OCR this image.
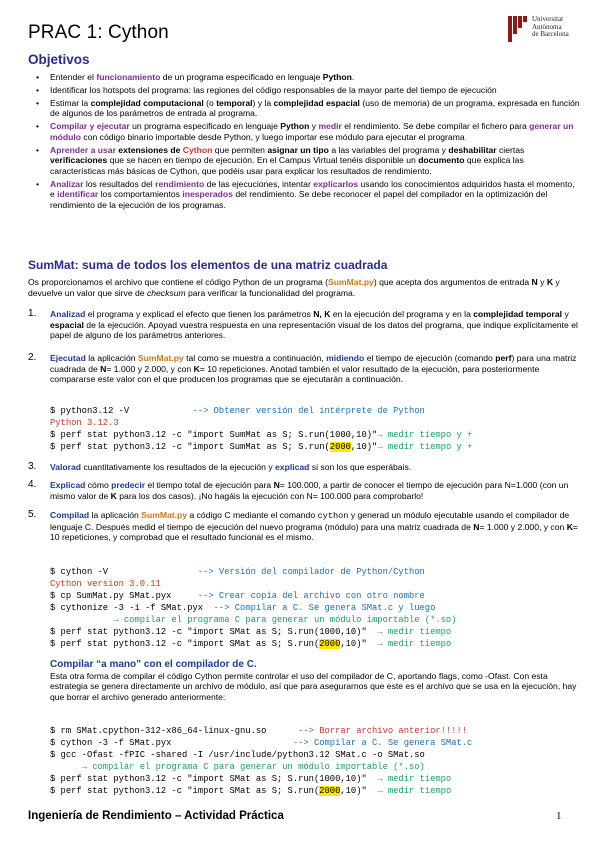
PRAC 1: Cython
Universitat
Autònoma
de Barcelona
Objetivos
• Entender el funcionamiento de un programa especificado en lenguaje Python.
• Identificar los hotspots del programa: las regiones del código responsables de la mayor parte del tiempo de ejecución
• Estimar la complejidad computacional (o temporal) y la complejidad espacial (uso de memoria) de un programa, expresada en función de algunos de los parámetros de entrada al programa.
• Compilar y ejecutar un programa especificado en lenguaje Python y medir el rendimiento. Se debe compilar el fichero para generar un módulo con código binario importable desde Python, y luego importar ese módulo para ejecutar el programa
• Aprender a usar extensiones de Cython que permiten asignar un tipo a las variables del programa y deshabilitar ciertas verificaciones que se hacen en tiempo de ejecución. En el Campus Virtual tenéis disponible un documento que explica las características más básicas de Cython, que podéis usar para explicar los resultados de rendimiento.
• Analizar los resultados del rendimiento de las ejecuciones, intentar explicarlos usando los conocimientos adquiridos hasta el momento, e identificar los comportamientos inesperados del rendimiento. Se debe reconocer el papel del compilador en la optimización del rendimiento de la ejecución de los programas.
SumMat: suma de todos los elementos de una matriz cuadrada
Os proporcionamos el archivo que contiene el código Python de un programa (SumMat.py) que acepta dos argumentos de entrada N y K y devuelve un valor que sirve de checksum para verificar la funcionalidad del programa.
1. Analizad el programa y explicad el efecto que tienen los parámetros N, K en la ejecución del programa y en la complejidad temporal y espacial de la ejecución. Apoyad vuestra respuesta en una representación visual de los datos del programa, que indique explícitamente el papel de alguno de los parámetros anteriores.
2. Ejecutad la aplicación SumMat.py tal como se muestra a continuación, midiendo el tiempo de ejecución (comando perf) para una matriz cuadrada de N= 1.000 y 2.000, y con K= 10 repeticiones. Anotad también el valor resultado de la ejecución, para posteriormente compararse este valor con el que producen los programas que se ejecutarán a continuación.

$ python3.12 -V            --> Obtener versión del intérprete de Python
Python 3.12.3
$ perf stat python3.12 -c "import SumMat as S; S.run(1000,10)"→ medir tiempo y +
$ perf stat python3.12 -c "import SumMat as S; S.run(2000,10)"→ medir tiempo y +

3. Valorad cuantitativamente los resultados de la ejecución y explicad si son los que esperábais.
4. Explicad cómo predecir el tiempo total de ejecución para N= 100.000, a partir de conocer el tiempo de ejecución para N=1.000 (con un mismo valor de K para los dos casos). ¡No hagáis la ejecución con N= 100.000 para comprobarlo!
5. Compilad la aplicación SumMat.py a código C mediante el comando cython y generad un módulo ejecutable usando el compilador de lenguaje C. Después medid el tiempo de ejecución del nuevo programa (módulo) para una matriz cuadrada de N= 1.000 y 2.000, y con K= 10 repeticiones, y comprobad que el resultado funcional es el mismo.

$ cython -V                 --> Versión del compilador de Python/Cython
Cython version 3.0.11
$ cp SumMat.py SMat.pyx     --> Crear copia del archivo con otro nombre
$ cythonize -3 -i -f SMat.pyx  --> Compilar a C. Se genera SMat.c y luego
→ compilar el programa C para generar un módulo importable (*.so)
$ perf stat python3.12 -c "import SMat as S; S.run(1000,10)"  → medir tiempo
$ perf stat python3.12 -c "import SMat as S; S.run(2000,10)"  → medir tiempo

Compilar “a mano” con el compilador de C.
Esta otra forma de compilar el código Cython permite controlar el uso del compilador de C, aportando flags, como -Ofast. Con esta estrategia se genera directamente un archivo de módulo, así que para asegurarnos que este es el archivo que se usa en la ejecución, hay que borrar el archivo generado anteriormente:

$ rm SMat.cpython-312-x86_64-linux-gnu.so      --> Borrar archivo anterior!!!!!
$ cython -3 -f SMat.pyx                       --> Compilar a C. Se genera SMat.c
$ gcc -Ofast -fPIC -shared -I /usr/include/python3.12 SMat.c -o SMat.so
→ compilar el programa C para generar un módulo importable (*.so)
$ perf stat python3.12 -c "import SMat as S; S.run(1000,10)"  → medir tiempo
$ perf stat python3.12 -c "import SMat as S; S.run(2000,10)"  → medir tiempo

Ingeniería de Rendimiento – Actividad Práctica	1
